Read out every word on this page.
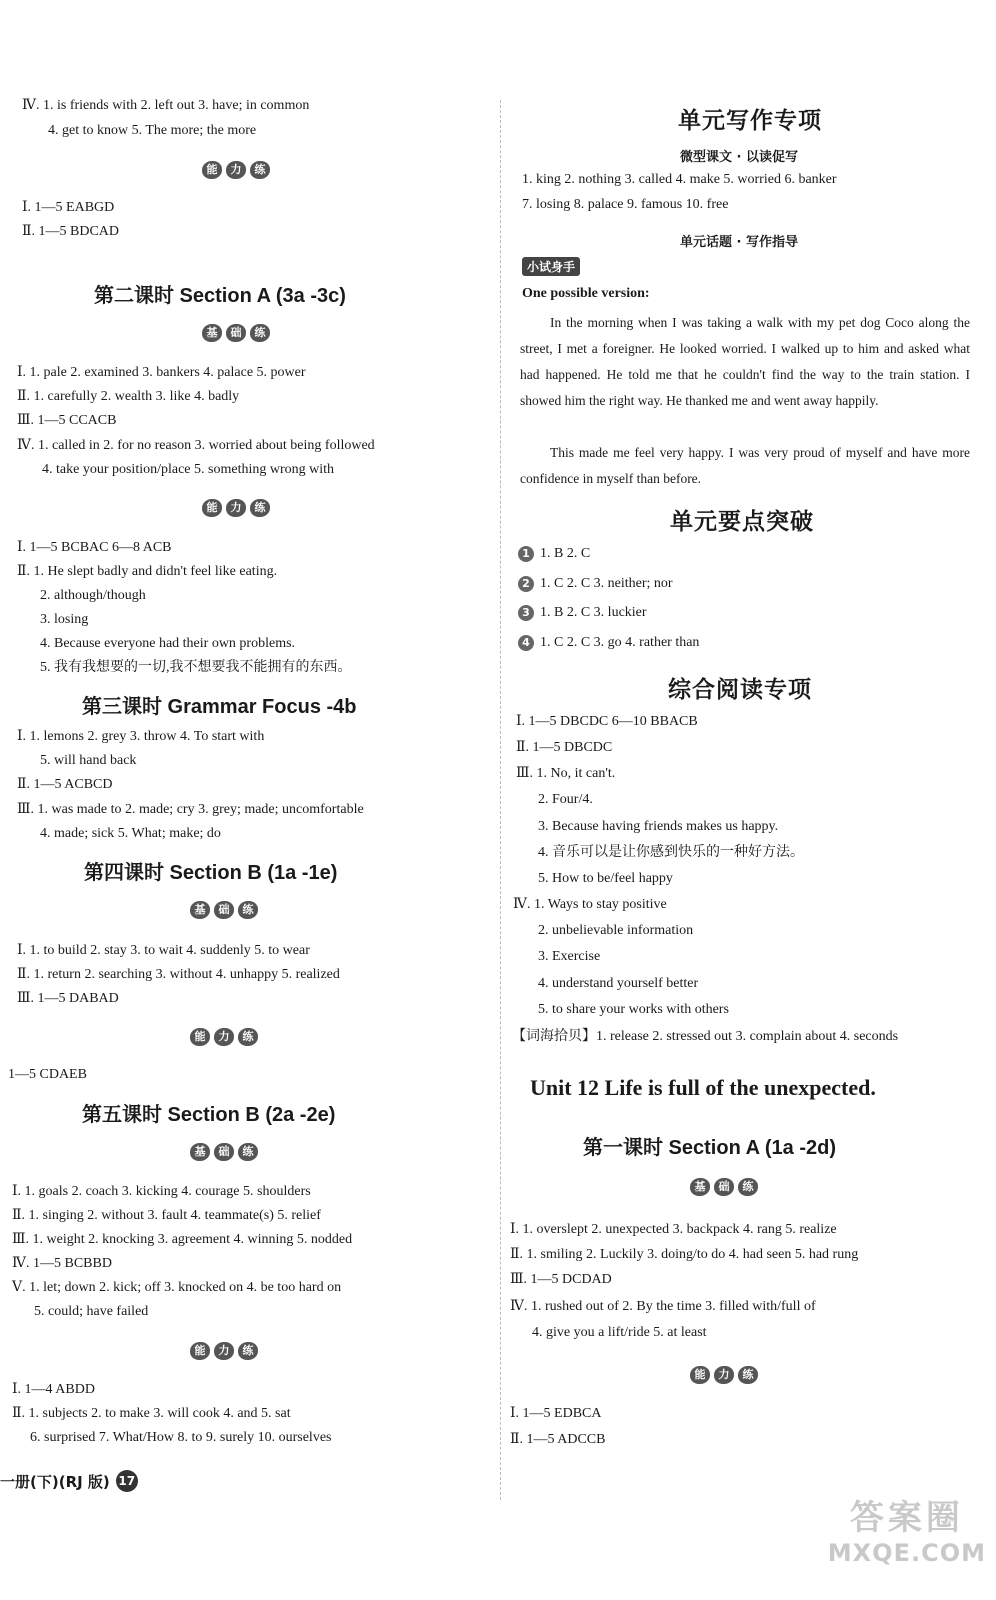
Ⅳ. 1. is friends with 2. left out 3. have; in common
4. get to know 5. The more; the more
能	力	练
Ⅰ. 1—5 EABGD
Ⅱ. 1—5 BDCAD
第二课时 Section A (3a -3c)
基	础	练
Ⅰ. 1. pale 2. examined 3. bankers 4. palace 5. power
Ⅱ. 1. carefully 2. wealth 3. like 4. badly
Ⅲ. 1—5 CCACB
Ⅳ. 1. called in 2. for no reason 3. worried about being followed
4. take your position/place 5. something wrong with
能	力	练
Ⅰ. 1—5 BCBAC 6—8 ACB
Ⅱ. 1. He slept badly and didn't feel like eating.
2. although/though
3. losing
4. Because everyone had their own problems.
5. 我有我想要的一切,我不想要我不能拥有的东西。
第三课时 Grammar Focus -4b
Ⅰ. 1. lemons 2. grey 3. throw 4. To start with
5. will hand back
Ⅱ. 1—5 ACBCD
Ⅲ. 1. was made to 2. made; cry 3. grey; made; uncomfortable
4. made; sick 5. What; make; do
第四课时 Section B (1a -1e)
基	础	练
Ⅰ. 1. to build 2. stay 3. to wait 4. suddenly 5. to wear
Ⅱ. 1. return 2. searching 3. without 4. unhappy 5. realized
Ⅲ. 1—5 DABAD
能	力	练
1—5 CDAEB
第五课时 Section B (2a -2e)
基	础	练
Ⅰ. 1. goals 2. coach 3. kicking 4. courage 5. shoulders
Ⅱ. 1. singing 2. without 3. fault 4. teammate(s) 5. relief
Ⅲ. 1. weight 2. knocking 3. agreement 4. winning 5. nodded
Ⅳ. 1—5 BCBBD
Ⅴ. 1. let; down 2. kick; off 3. knocked on 4. be too hard on
5. could; have failed
能	力	练
Ⅰ. 1—4 ABDD
Ⅱ. 1. subjects 2. to make 3. will cook 4. and 5. sat
6. surprised 7. What/How 8. to 9. surely 10. ourselves
单元写作专项
微型课文 · 以读促写
1. king 2. nothing 3. called 4. make 5. worried 6. banker
7. losing 8. palace 9. famous 10. free
单元话题 · 写作指导
小试身手
One possible version:
In the morning when I was taking a walk with my pet dog Coco along the street, I met a foreigner. He looked worried. I walked up to him and asked what had happened. He told me that he couldn't find the way to the train station. I showed him the right way. He thanked me and went away happily.
This made me feel very happy. I was very proud of myself and have more confidence in myself than before.
单元要点突破
1 1. B 2. C
2 1. C 2. C 3. neither; nor
3 1. B 2. C 3. luckier
4 1. C 2. C 3. go 4. rather than
综合阅读专项
Ⅰ. 1—5 DBCDC 6—10 BBACB
Ⅱ. 1—5 DBCDC
Ⅲ. 1. No, it can't.
2. Four/4.
3. Because having friends makes us happy.
4. 音乐可以是让你感到快乐的一种好方法。
5. How to be/feel happy
Ⅳ. 1. Ways to stay positive
2. unbelievable information
3. Exercise
4. understand yourself better
5. to share your works with others
【词海拾贝】1. release 2. stressed out 3. complain about 4. seconds
Unit 12 Life is full of the unexpected.
第一课时 Section A (1a -2d)
基	础	练
Ⅰ. 1. overslept 2. unexpected 3. backpack 4. rang 5. realize
Ⅱ. 1. smiling 2. Luckily 3. doing/to do 4. had seen 5. had rung
Ⅲ. 1—5 DCDAD
Ⅳ. 1. rushed out of 2. By the time 3. filled with/full of
4. give you a lift/ride 5. at least
能	力	练
Ⅰ. 1—5 EDBCA
Ⅱ. 1—5 ADCCB
一册(下)(RJ 版) 17
答案圈
MXQE.COM
